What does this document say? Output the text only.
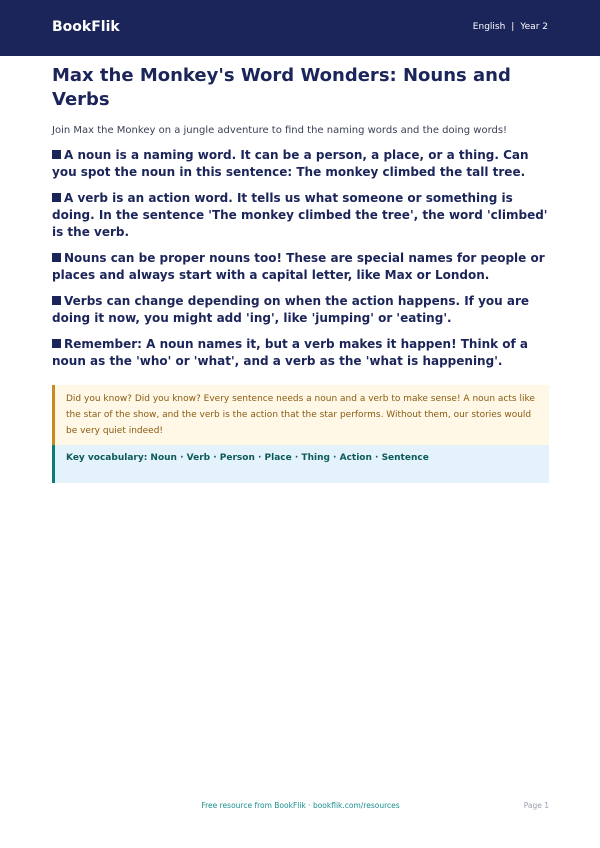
BookFlik	English | Year 2
Max the Monkey's Word Wonders: Nouns and Verbs

Join Max the Monkey on a jungle adventure to find the naming words and the doing words!

A noun is a naming word. It can be a person, a place, or a thing. Can you spot the noun in this sentence: The monkey climbed the tall tree.

A verb is an action word. It tells us what someone or something is doing. In the sentence 'The monkey climbed the tree', the word 'climbed' is the verb.

Nouns can be proper nouns too! These are special names for people or places and always start with a capital letter, like Max or London.

Verbs can change depending on when the action happens. If you are doing it now, you might add 'ing', like 'jumping' or 'eating'.

Remember: A noun names it, but a verb makes it happen! Think of a noun as the 'who' or 'what', and a verb as the 'what is happening'.

Did you know? Did you know? Every sentence needs a noun and a verb to make sense! A noun acts like the star of the show, and the verb is the action that the star performs. Without them, our stories would be very quiet indeed!
Key vocabulary: Noun · Verb · Person · Place · Thing · Action · Sentence
Free resource from BookFlik · bookflik.com/resources	Page 1
